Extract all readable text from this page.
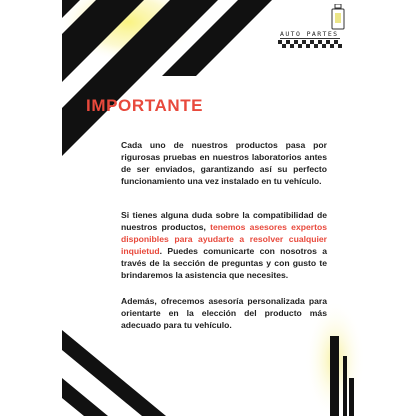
AUTO PARTES
IMPORTANTE

Cada uno de nuestros productos pasa por rigurosas pruebas en nuestros laboratorios antes de ser enviados, garantizando así su perfecto funcionamiento una vez instalado en tu vehículo.

Si tienes alguna duda sobre la compatibilidad de nuestros productos, tenemos asesores expertos disponibles para ayudarte a resolver cualquier inquietud. Puedes comunicarte con nosotros a través de la sección de preguntas y con gusto te brindaremos la asistencia que necesites.

Además, ofrecemos asesoría personalizada para orientarte en la elección del producto más adecuado para tu vehículo.
